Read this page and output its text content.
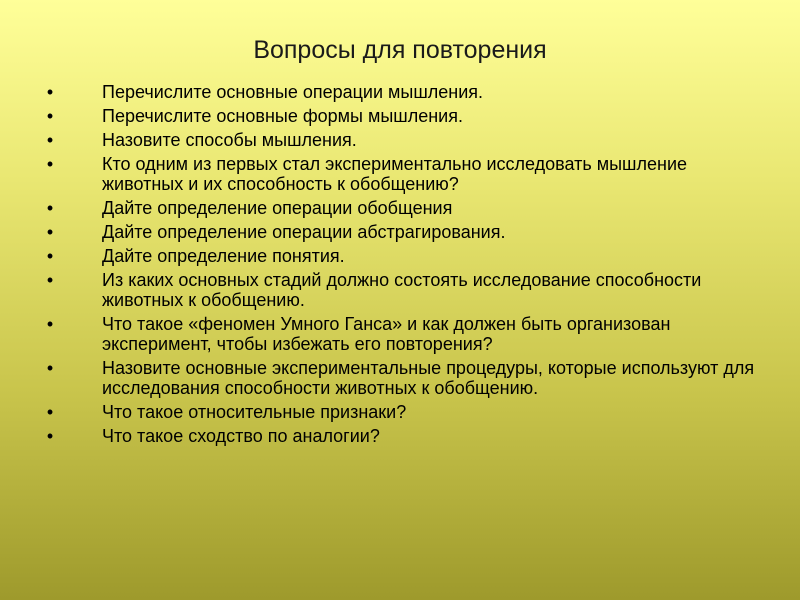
Вопросы для повторения
•	Перечислите основные операции мышления.
•	Перечислите основные формы мышления.
•	Назовите способы мышления.
•	Кто одним из первых стал экспериментально исследовать мышление животных и их способность к обобщению?
•	Дайте определение операции обобщения
•	Дайте определение операции абстрагирования.
•	Дайте определение понятия.
•	Из каких основных стадий должно состоять исследование способности животных к обобщению.
•	Что такое «феномен Умного Ганса» и как должен быть организован эксперимент, чтобы избежать его повторения?
•	Назовите основные экспериментальные процедуры, которые используют для исследования способности животных к обобщению.
•	Что такое относительные признаки?
•	Что такое сходство по аналогии?
